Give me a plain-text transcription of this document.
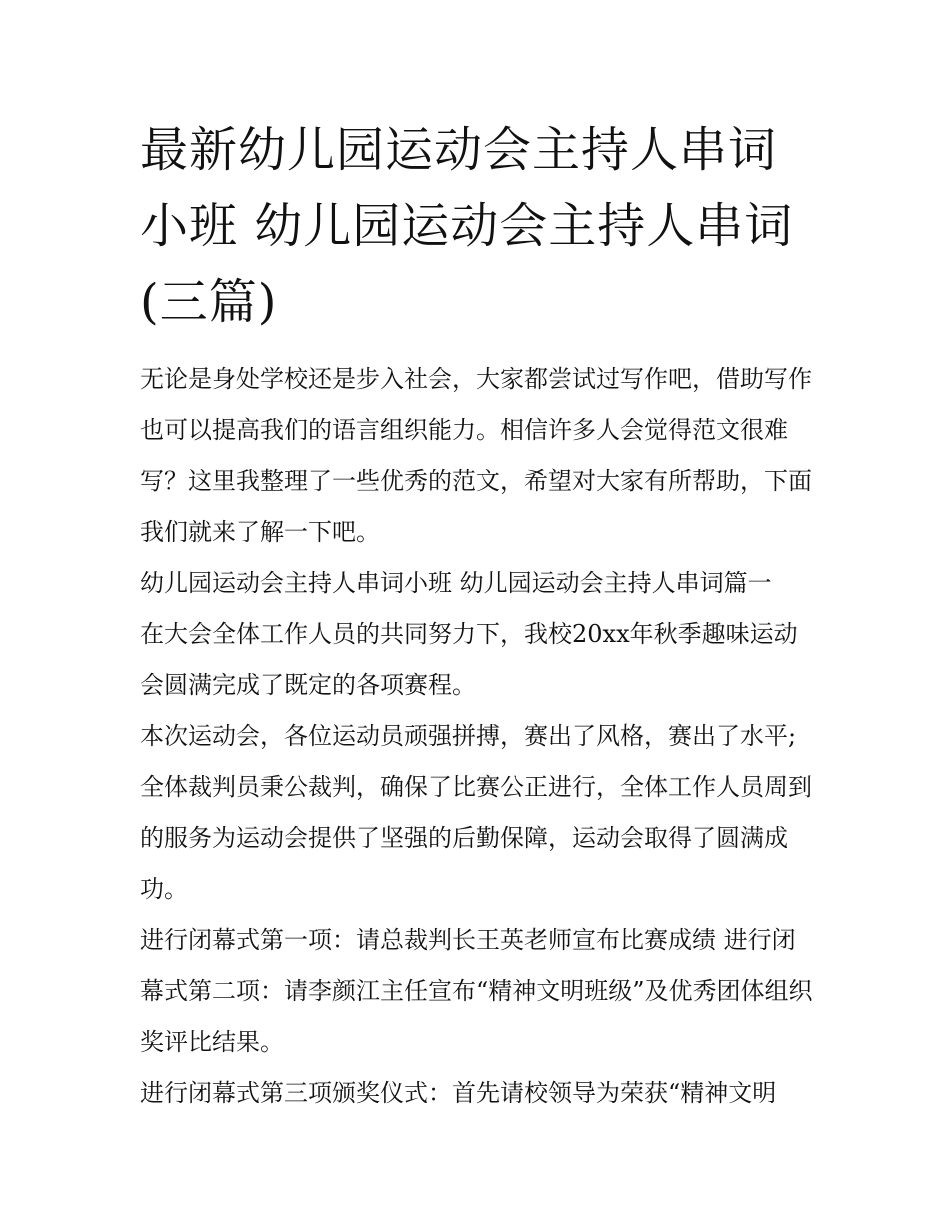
最新幼儿园运动会主持人串词小班 幼儿园运动会主持人串词(三篇)

无论是身处学校还是步入社会，大家都尝试过写作吧，借助写作也可以提高我们的语言组织能力。相信许多人会觉得范文很难写？这里我整理了一些优秀的范文，希望对大家有所帮助，下面我们就来了解一下吧。

幼儿园运动会主持人串词小班 幼儿园运动会主持人串词篇一

在大会全体工作人员的共同努力下，我校20xx年秋季趣味运动会圆满完成了既定的各项赛程。

本次运动会，各位运动员顽强拼搏，赛出了风格，赛出了水平;全体裁判员秉公裁判，确保了比赛公正进行，全体工作人员周到的服务为运动会提供了坚强的后勤保障，运动会取得了圆满成功。

进行闭幕式第一项：请总裁判长王英老师宣布比赛成绩 进行闭幕式第二项：请李颜江主任宣布“精神文明班级”及优秀团体组织奖评比结果。

进行闭幕式第三项颁奖仪式：首先请校领导为荣获“精神文明
